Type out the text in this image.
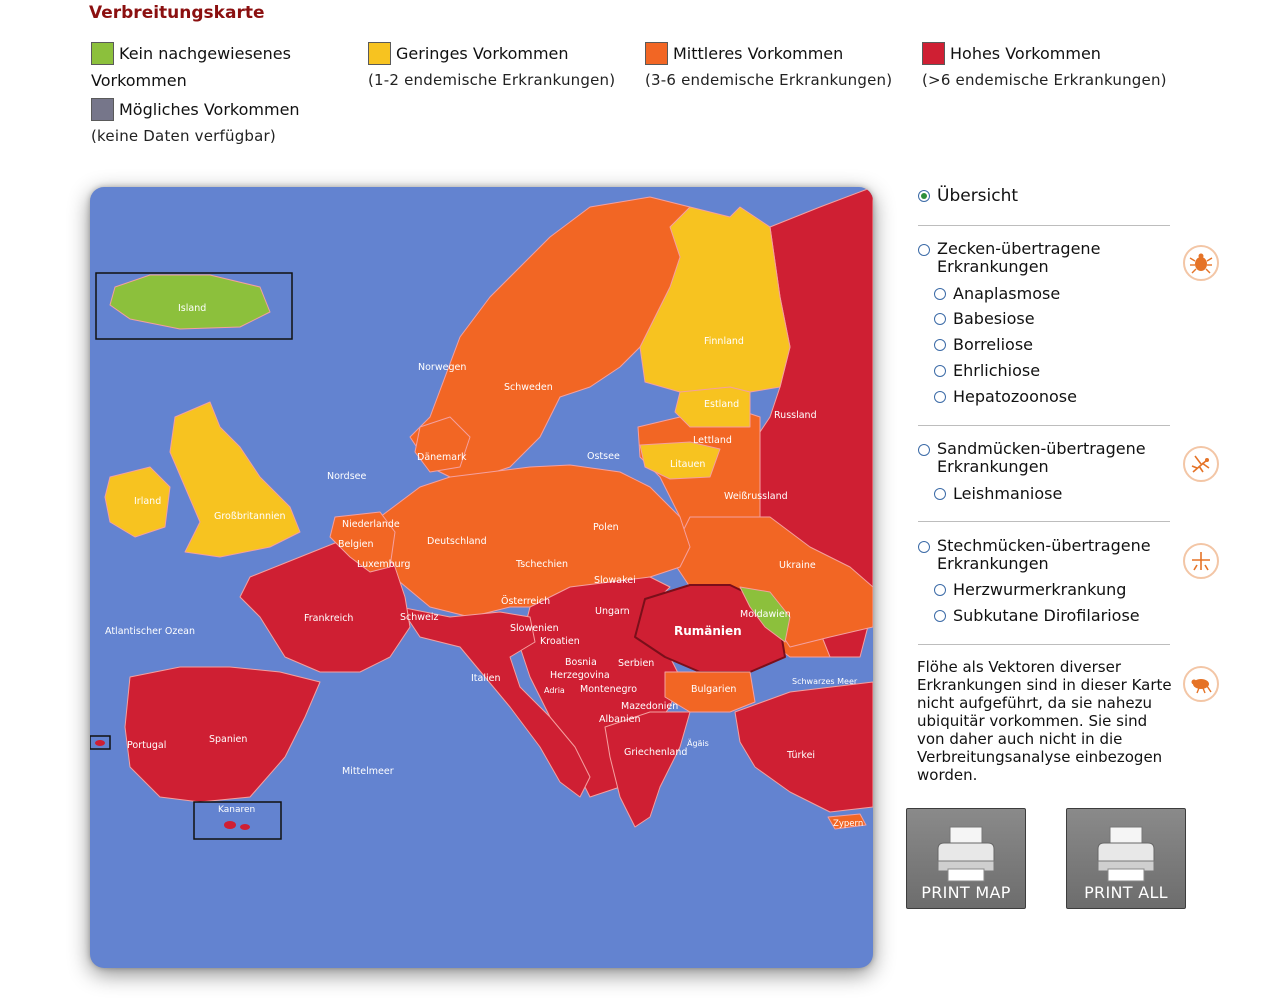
Verbreitungskarte
Kein nachgewiesenes
Vorkommen
Geringes Vorkommen
(1-2 endemische Erkrankungen)
Mittleres Vorkommen
(3-6 endemische Erkrankungen)
Hohes Vorkommen
(>6 endemische Erkrankungen)
Mögliches Vorkommen
(keine Daten verfügbar)
Island
Norwegen
Schweden
Finnland
Estland
Lettland
Litauen
Russland
Nordsee
Ostsee
Dänemark
Irland
Großbritannien
Niederlande
Belgien
Luxemburg
Deutschland
Polen
Weißrussland
Ukraine
Tschechien
Slowakei
Österreich
Ungarn
Rumänien
Moldawien
Frankreich	Schweiz
Slowenien
Kroatien
Bosnia
Herzegovina
Serbien
Montenegro
Albanien
Mazedonien
Bulgarien
Schwarzes Meer
Italien
Adria
Griechenland
Ägäis
Türkei
Zypern
Atlantischer Ozean
Portugal
Spanien
Mittelmeer
Kanaren
Übersicht
Zecken-übertragene Erkrankungen
Anaplasmose
Babesiose
Borreliose
Ehrlichiose
Hepatozoonose
Sandmücken-übertragene Erkrankungen
Leishmaniose
Stechmücken-übertragene Erkrankungen
Herzwurmerkrankung
Subkutane Dirofilariose
Flöhe als Vektoren diverser Erkrankungen sind in dieser Karte nicht aufgeführt, da sie nahezu ubiquitär vorkommen. Sie sind von daher auch nicht in die Verbreitungsanalyse einbezogen worden.
PRINT MAP	PRINT ALL
